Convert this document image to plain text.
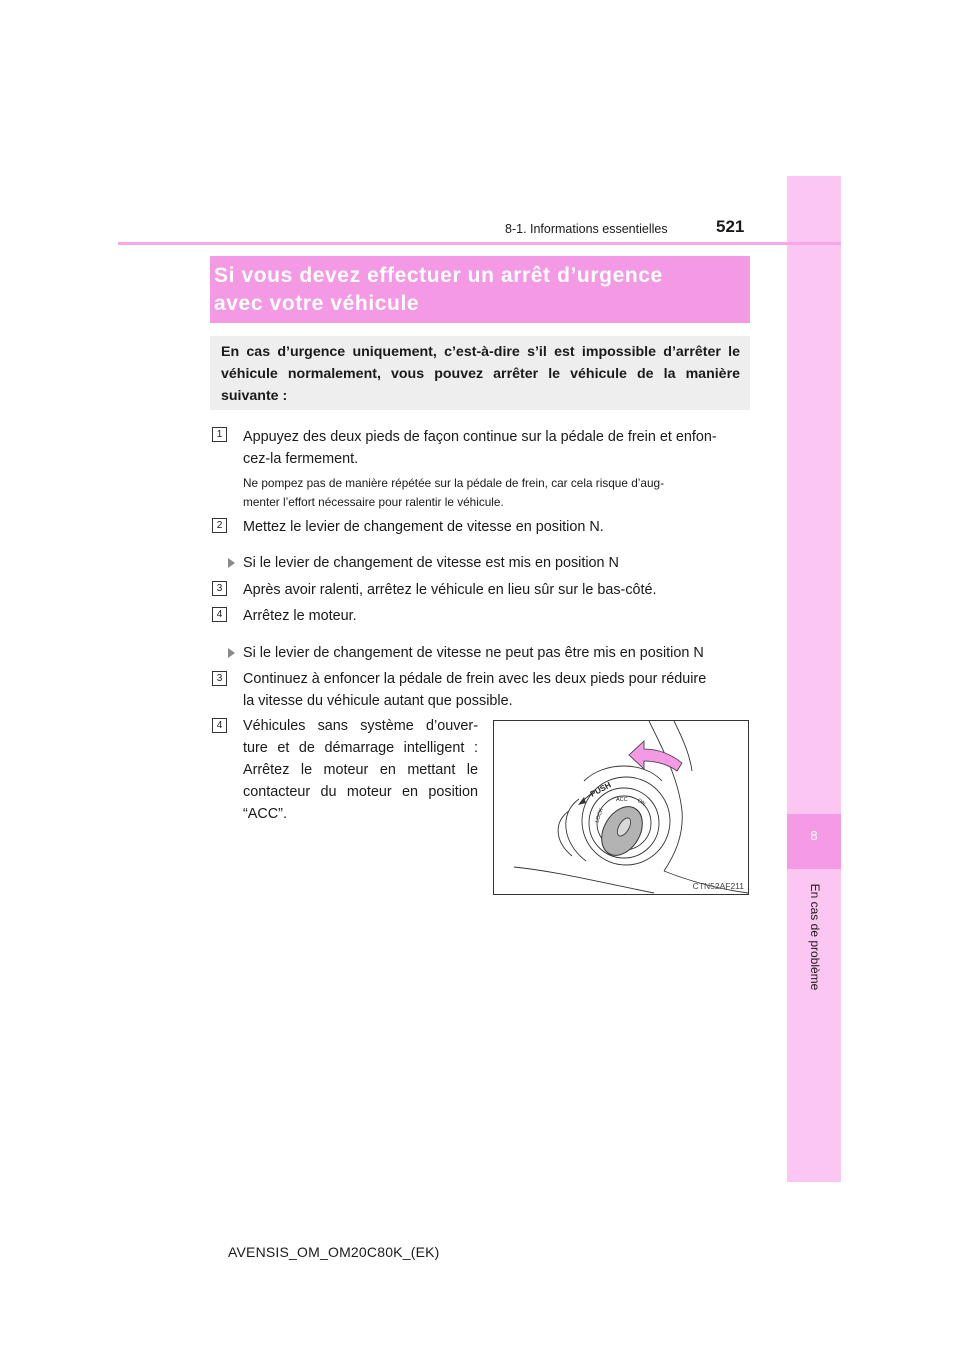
8
En cas de problème
8-1. Informations essentielles	521
Si vous devez effectuer un arrêt d’urgence
avec votre véhicule
En cas d’urgence uniquement, c’est-à-dire s’il est impossible d’arrêter le véhicule normalement, vous pouvez arrêter le véhicule de la manière suivante :
1	Appuyez des deux pieds de façon continue sur la pédale de frein et enfon-
cez-la fermement.
Ne pompez pas de manière répétée sur la pédale de frein, car cela risque d’aug-
menter l’effort nécessaire pour ralentir le véhicule.
2	Mettez le levier de changement de vitesse en position N.
Si le levier de changement de vitesse est mis en position N
3	Après avoir ralenti, arrêtez le véhicule en lieu sûr sur le bas-côté.
4	Arrêtez le moteur.
Si le levier de changement de vitesse ne peut pas être mis en position N
3	Continuez à enfoncer la pédale de frein avec les deux pieds pour réduire
la vitesse du véhicule autant que possible.
4	Véhicules sans système d’ouver-
ture et de démarrage intelligent :
Arrêtez le moteur en mettant le
contacteur du moteur en position
“ACC”.
PUSH
LOCK
ACC ON
CTN52AF211
AVENSIS_OM_OM20C80K_(EK)
